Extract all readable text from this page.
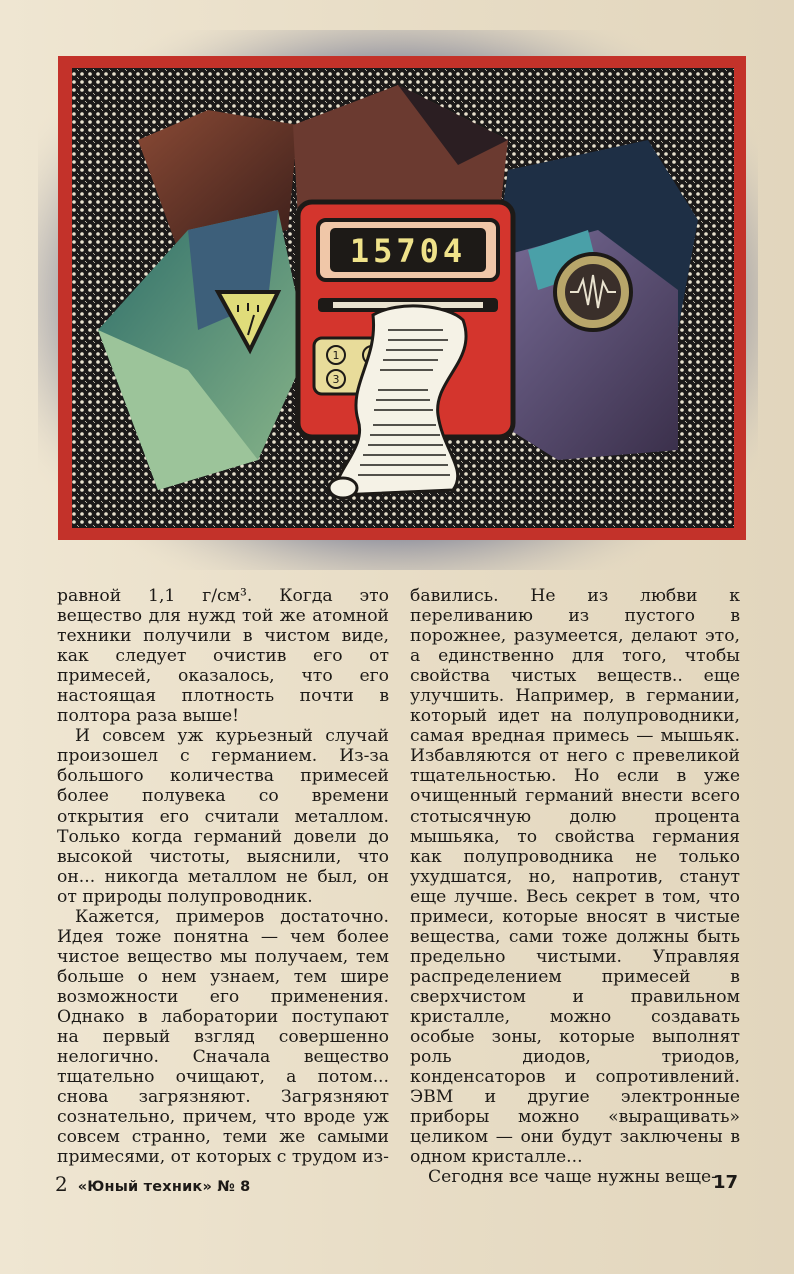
15704
1
3

равной 1,1 г/см³. Когда это вещество для нужд той же атомной техники получили в чистом виде, как следует очистив его от примесей, оказалось, что его настоящая плотность почти в полтора раза выше!

И совсем уж курьезный случай произошел с германием. Из-за большого количества примесей более полувека со времени открытия его считали металлом. Только когда германий довели до высокой чистоты, выяснили, что он... никогда металлом не был, он от природы полупроводник.

Кажется, примеров достаточно. Идея тоже понятна — чем более чистое вещество мы получаем, тем больше о нем узнаем, тем шире возможности его применения. Однако в лаборатории поступают на первый взгляд совершенно нелогично. Сначала вещество тщательно очищают, а потом... снова загрязняют. Загрязняют сознательно, причем, что вроде уж совсем странно, теми же самыми примесями, от которых с трудом из-

бавились. Не из любви к переливанию из пустого в порожнее, разумеется, делают это, а единственно для того, чтобы свойства чистых веществ.. еще улучшить. Например, в германии, который идет на полупроводники, самая вредная примесь — мышьяк. Избавляются от него с превеликой тщательностью. Но если в уже очищенный германий внести всего стотысячную долю процента мышьяка, то свойства германия как полупроводника не только ухудшатся, но, напротив, станут еще лучше. Весь секрет в том, что примеси, которые вносят в чистые вещества, сами тоже должны быть предельно чистыми. Управляя распределением примесей в сверхчистом и правильном кристалле, можно создавать особые зоны, которые выполнят роль диодов, триодов, конденсаторов и сопротивлений. ЭВМ и другие электронные приборы можно «выращивать» целиком — они будут заключены в одном кристалле...

Сегодня все чаще нужны веще-

2 «Юный техник» № 8	17
